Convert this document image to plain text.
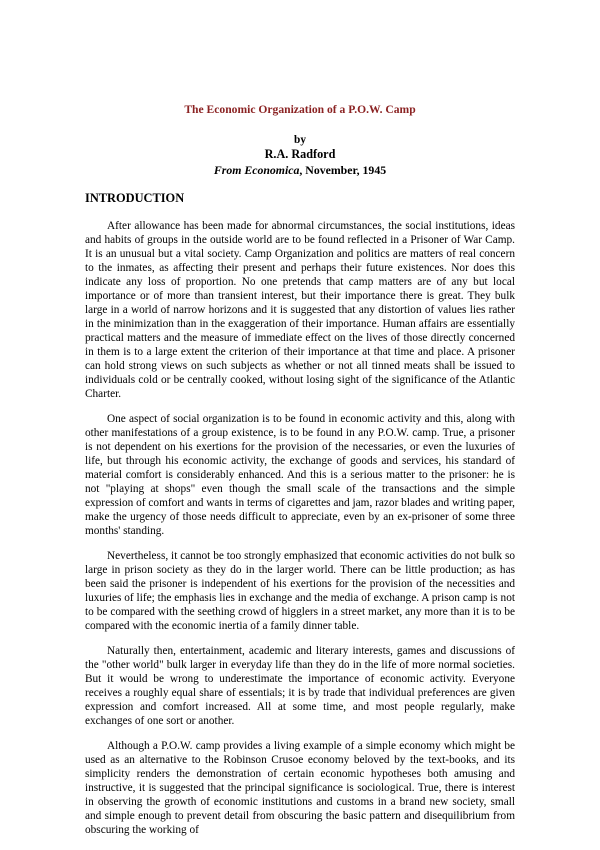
The Economic Organization of a P.O.W. Camp
by
R.A. Radford
From Economica, November, 1945
INTRODUCTION

After allowance has been made for abnormal circumstances, the social institutions, ideas and habits of groups in the outside world are to be found reflected in a Prisoner of War Camp. It is an unusual but a vital society. Camp Organization and politics are matters of real concern to the inmates, as affecting their present and perhaps their future existences. Nor does this indicate any loss of proportion. No one pretends that camp matters are of any but local importance or of more than transient interest, but their importance there is great. They bulk large in a world of narrow horizons and it is suggested that any distortion of values lies rather in the minimization than in the exaggeration of their importance. Human affairs are essentially practical matters and the measure of immediate effect on the lives of those directly concerned in them is to a large extent the criterion of their importance at that time and place. A prisoner can hold strong views on such subjects as whether or not all tinned meats shall be issued to individuals cold or be centrally cooked, without losing sight of the significance of the Atlantic Charter.

One aspect of social organization is to be found in economic activity and this, along with other manifestations of a group existence, is to be found in any P.O.W. camp. True, a prisoner is not dependent on his exertions for the provision of the necessaries, or even the luxuries of life, but through his economic activity, the exchange of goods and services, his standard of material comfort is considerably enhanced. And this is a serious matter to the prisoner: he is not "playing at shops" even though the small scale of the transactions and the simple expression of comfort and wants in terms of cigarettes and jam, razor blades and writing paper, make the urgency of those needs difficult to appreciate, even by an ex-prisoner of some three months' standing.

Nevertheless, it cannot be too strongly emphasized that economic activities do not bulk so large in prison society as they do in the larger world. There can be little production; as has been said the prisoner is independent of his exertions for the provision of the necessities and luxuries of life; the emphasis lies in exchange and the media of exchange. A prison camp is not to be compared with the seething crowd of higglers in a street market, any more than it is to be compared with the economic inertia of a family dinner table.

Naturally then, entertainment, academic and literary interests, games and discussions of the "other world" bulk larger in everyday life than they do in the life of more normal societies. But it would be wrong to underestimate the importance of economic activity. Everyone receives a roughly equal share of essentials; it is by trade that individual preferences are given expression and comfort increased. All at some time, and most people regularly, make exchanges of one sort or another.

Although a P.O.W. camp provides a living example of a simple economy which might be used as an alternative to the Robinson Crusoe economy beloved by the text-books, and its simplicity renders the demonstration of certain economic hypotheses both amusing and instructive, it is suggested that the principal significance is sociological. True, there is interest in observing the growth of economic institutions and customs in a brand new society, small and simple enough to prevent detail from obscuring the basic pattern and disequilibrium from obscuring the working of
